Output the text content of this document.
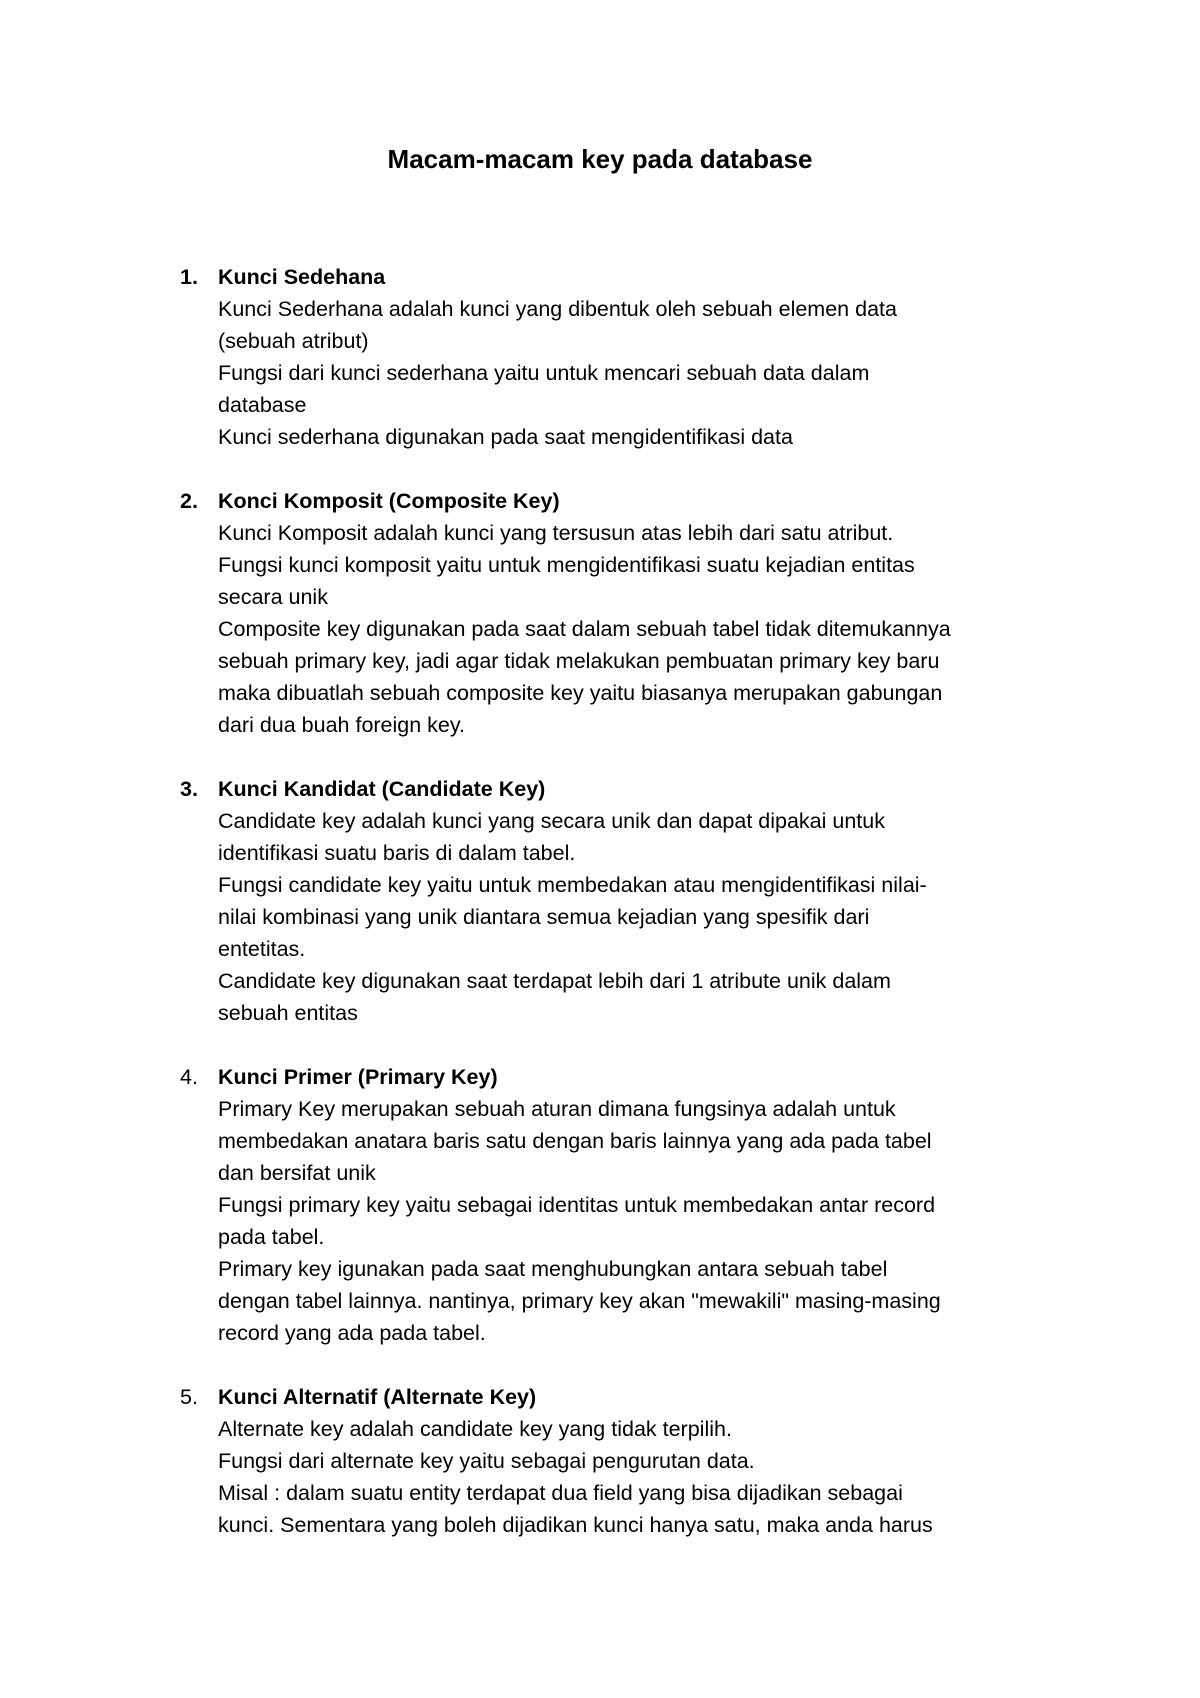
Macam-macam key pada database
1. Kunci Sedehana
Kunci Sederhana adalah kunci yang dibentuk oleh sebuah elemen data
(sebuah atribut)
Fungsi dari kunci sederhana yaitu untuk mencari sebuah data dalam
database
Kunci sederhana digunakan pada saat mengidentifikasi data
2. Konci Komposit (Composite Key)
Kunci Komposit adalah kunci yang tersusun atas lebih dari satu atribut.
Fungsi kunci komposit yaitu untuk mengidentifikasi suatu kejadian entitas
secara unik
Composite key digunakan pada saat dalam sebuah tabel tidak ditemukannya
sebuah primary key, jadi agar tidak melakukan pembuatan primary key baru
maka dibuatlah sebuah composite key yaitu biasanya merupakan gabungan
dari dua buah foreign key.
3. Kunci Kandidat (Candidate Key)
Candidate key adalah kunci yang secara unik dan dapat dipakai untuk
identifikasi suatu baris di dalam tabel.
Fungsi candidate key yaitu untuk membedakan atau mengidentifikasi nilai-
nilai kombinasi yang unik diantara semua kejadian yang spesifik dari
entetitas.
Candidate key digunakan saat terdapat lebih dari 1 atribute unik dalam
sebuah entitas
4. Kunci Primer (Primary Key)
Primary Key merupakan sebuah aturan dimana fungsinya adalah untuk
membedakan anatara baris satu dengan baris lainnya yang ada pada tabel
dan bersifat unik
Fungsi primary key yaitu sebagai identitas untuk membedakan antar record
pada tabel.
Primary key igunakan pada saat menghubungkan antara sebuah tabel
dengan tabel lainnya. nantinya, primary key akan "mewakili" masing-masing
record yang ada pada tabel.
5. Kunci Alternatif (Alternate Key)
Alternate key adalah candidate key yang tidak terpilih.
Fungsi dari alternate key yaitu sebagai pengurutan data.
Misal : dalam suatu entity terdapat dua field yang bisa dijadikan sebagai
kunci. Sementara yang boleh dijadikan kunci hanya satu, maka anda harus
